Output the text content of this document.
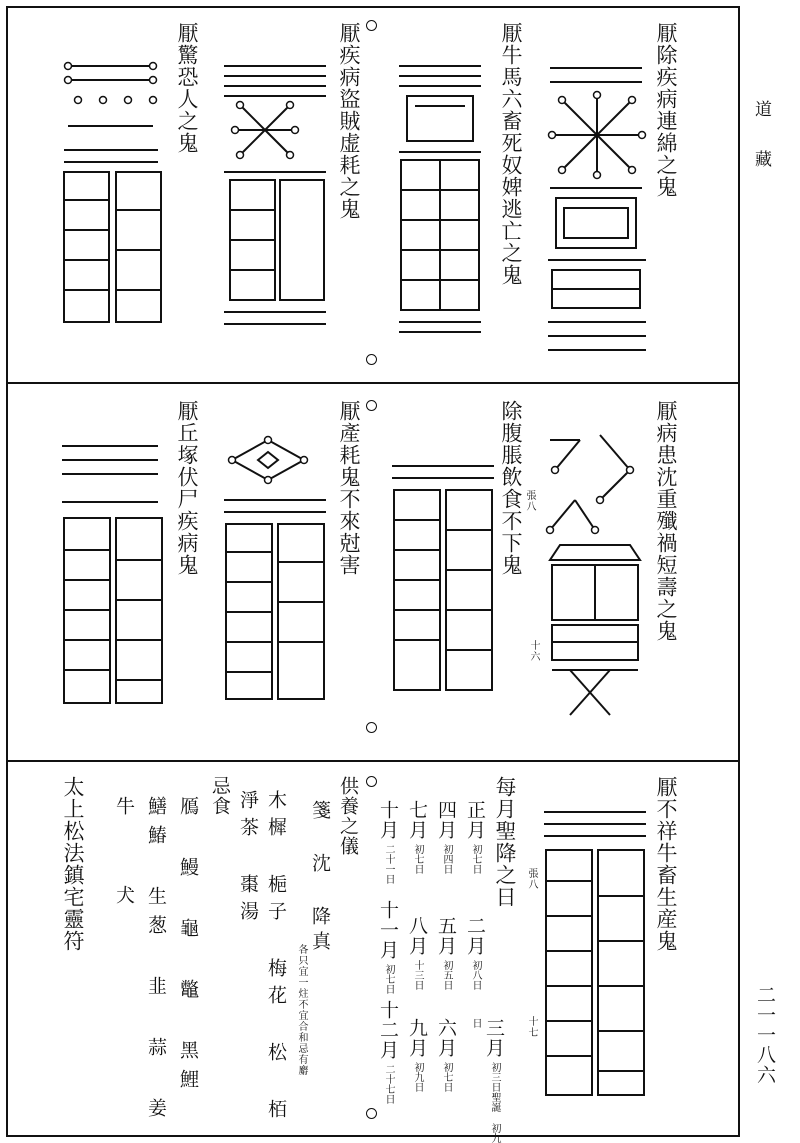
道
藏
二一一八六
厭除疾病連綿之鬼
厭牛馬六畜死奴婢逃亡之鬼
厭疾病盜賊虚耗之鬼
厭驚恐人之鬼
厭病患沈重殲禍短壽之鬼
十六
除腹脹飲食不下鬼 張八
厭產耗鬼不來尅害
厭丘塚伏尸疾病鬼
厭不祥牛畜生産鬼
張八
十七
每月聖降之日
正月初七日
二月初八日
三月初三日聖誕 初九日
四月初四日
五月初五日
六月初七日
七月初七日
八月十三日
九月初九日
十月二十一日
十一月初七日
十二月二十七日
供養之儀
箋 沈 降真
各只宜一炷不宜合和忌有麝
木樨 梔子 梅花 松 栢
淨茶 棗湯
忌食
鴈 鰻 龜 鼈 黑鯉
鱔鰆 生葱 韭 蒜 姜
牛 犬
太上松法鎮宅靈符
